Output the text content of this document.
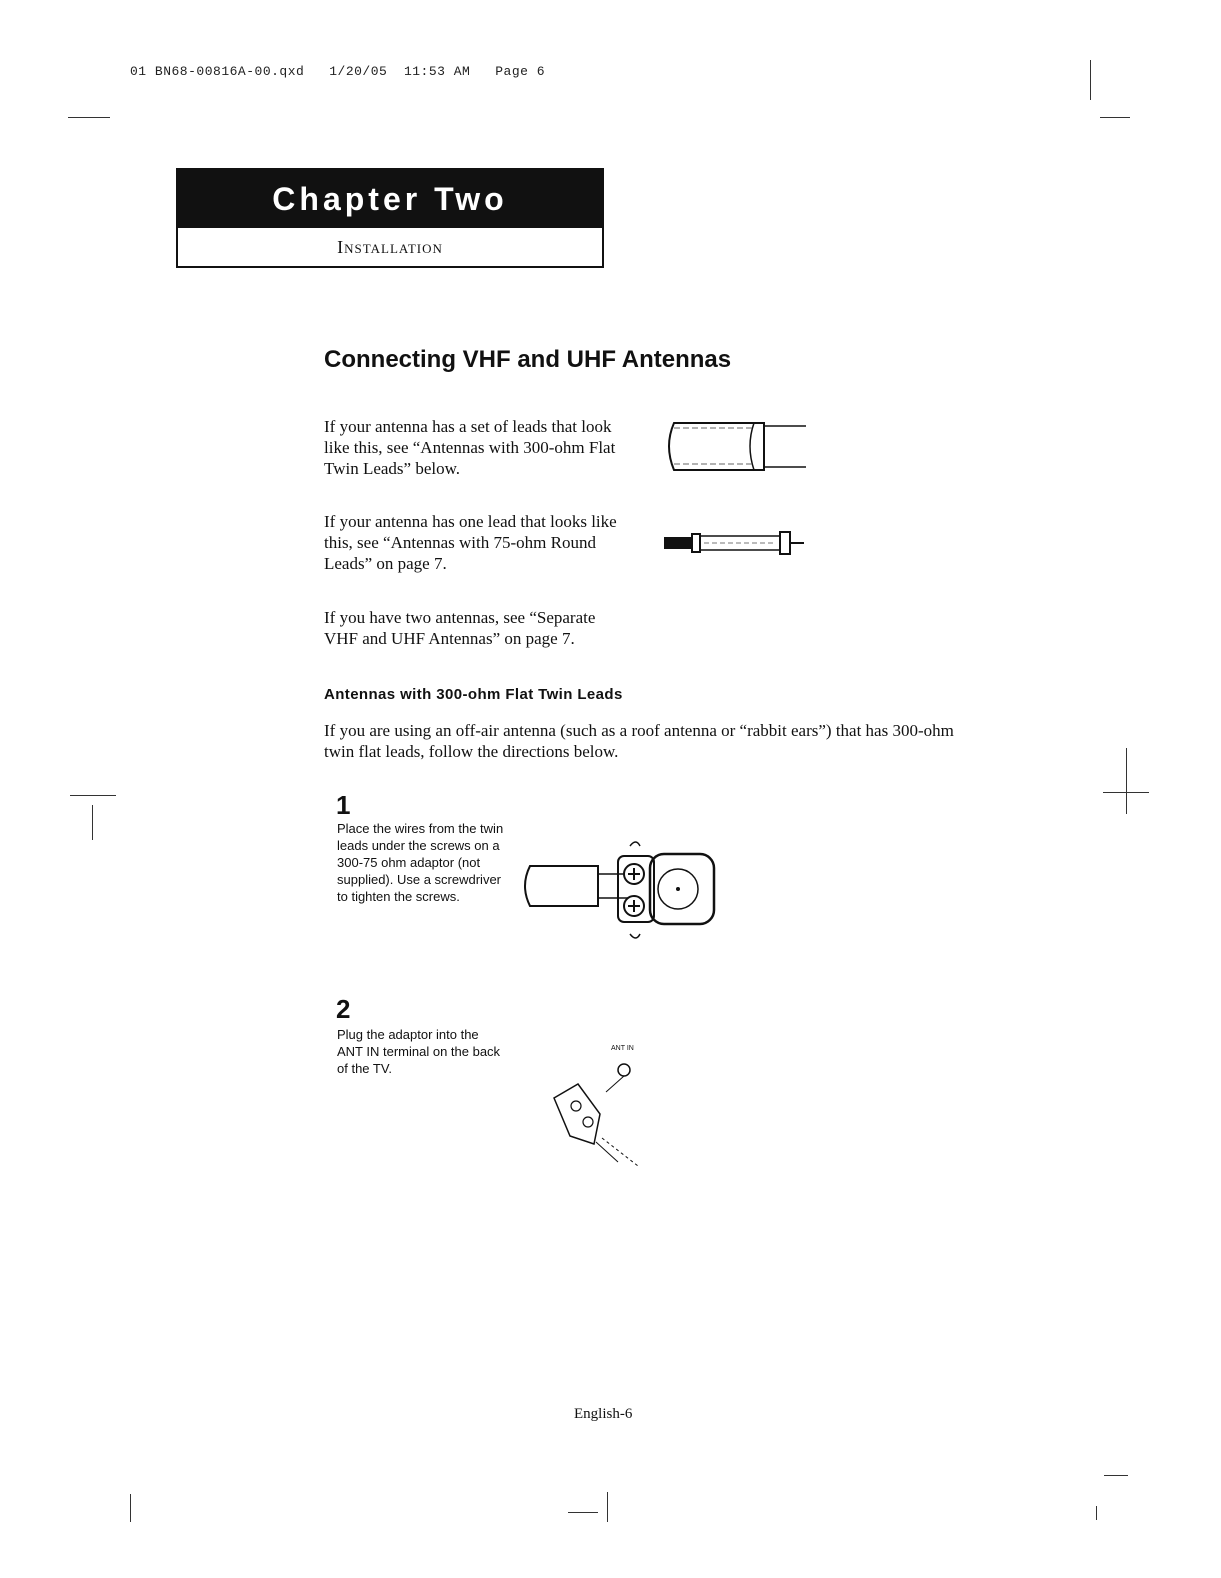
01 BN68-00816A-00.qxd   1/20/05  11:53 AM   Page 6
Chapter Two
Installation
Connecting VHF and UHF Antennas
If your antenna has a set of leads that look like this, see “Antennas with 300-ohm Flat Twin Leads” below.
If your antenna has one lead that looks like this, see “Antennas with 75-ohm Round Leads” on page 7.
If you have two antennas, see “Separate VHF and UHF Antennas” on page 7.
Antennas with 300-ohm Flat Twin Leads
If you are using an off-air antenna (such as a roof antenna or “rabbit ears”) that has 300-ohm twin flat leads, follow the directions below.
1
Place the wires from the twin leads under the screws on a 300-75 ohm adaptor (not supplied). Use a screwdriver to tighten the screws.
2
Plug the adaptor into the ANT IN terminal on the back of the TV.
ANT IN
English-6
